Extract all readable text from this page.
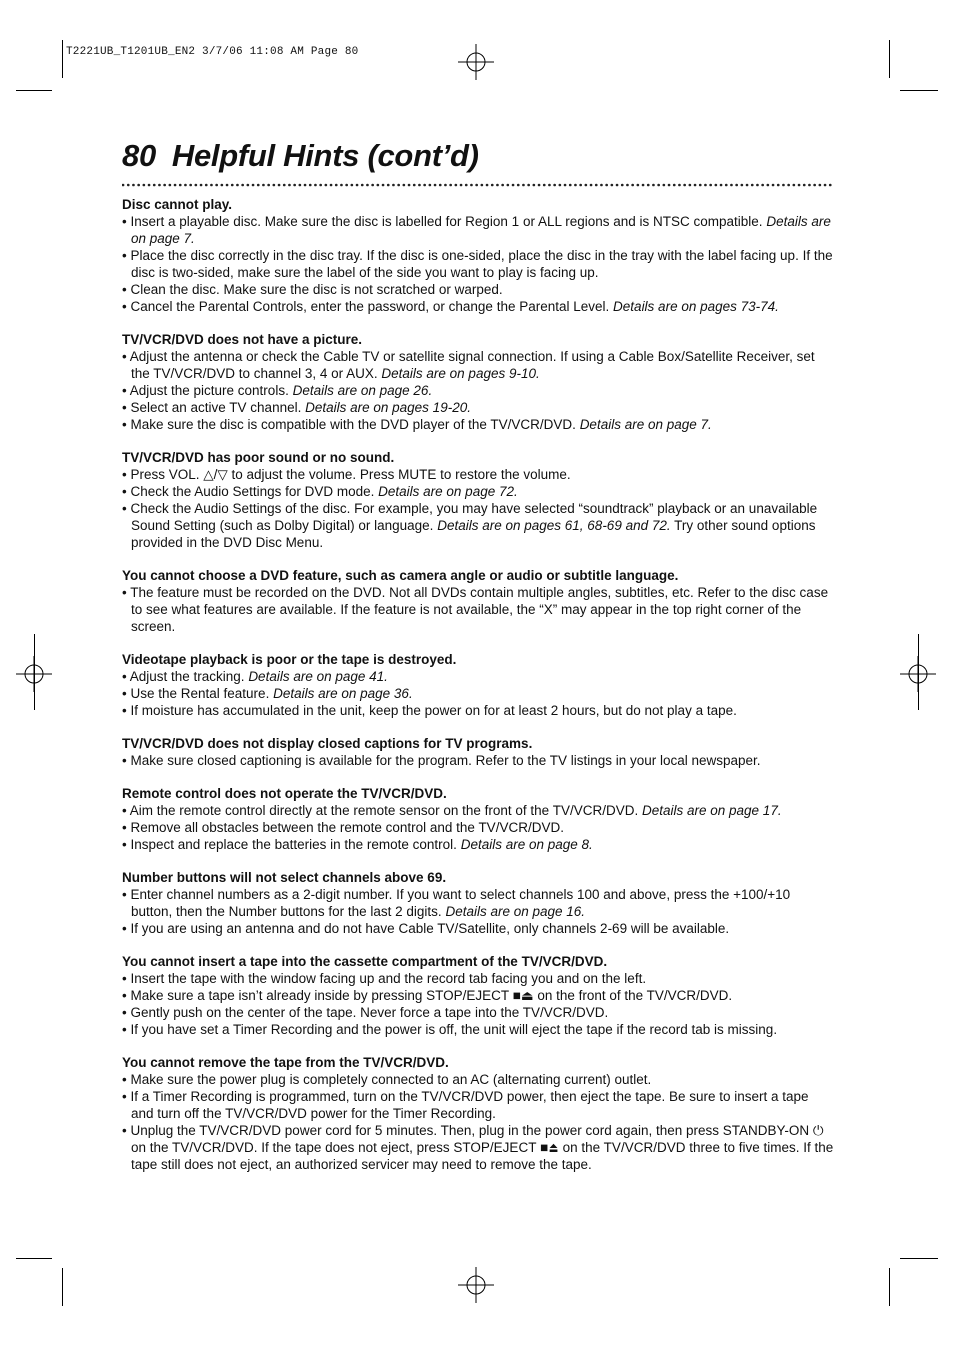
T2221UB_T1201UB_EN2 3/7/06 11:08 AM Page 80
80 Helpful Hints (cont’d)
Disc cannot play.
• Insert a playable disc. Make sure the disc is labelled for Region 1 or ALL regions and is NTSC compatible. Details are on page 7.
• Place the disc correctly in the disc tray. If the disc is one-sided, place the disc in the tray with the label facing up. If the disc is two-sided, make sure the label of the side you want to play is facing up.
• Clean the disc. Make sure the disc is not scratched or warped.
• Cancel the Parental Controls, enter the password, or change the Parental Level. Details are on pages 73-74.
TV/VCR/DVD does not have a picture.
• Adjust the antenna or check the Cable TV or satellite signal connection. If using a Cable Box/Satellite Receiver, set the TV/VCR/DVD to channel 3, 4 or AUX. Details are on pages 9-10.
• Adjust the picture controls. Details are on page 26.
• Select an active TV channel. Details are on pages 19-20.
• Make sure the disc is compatible with the DVD player of the TV/VCR/DVD. Details are on page 7.
TV/VCR/DVD has poor sound or no sound.
• Press VOL. △/▽ to adjust the volume. Press MUTE to restore the volume.
• Check the Audio Settings for DVD mode. Details are on page 72.
• Check the Audio Settings of the disc. For example, you may have selected “soundtrack” playback or an unavailable Sound Setting (such as Dolby Digital) or language. Details are on pages 61, 68-69 and 72. Try other sound options provided in the DVD Disc Menu.
You cannot choose a DVD feature, such as camera angle or audio or subtitle language.
• The feature must be recorded on the DVD. Not all DVDs contain multiple angles, subtitles, etc. Refer to the disc case to see what features are available. If the feature is not available, the “X” may appear in the top right corner of the screen.
Videotape playback is poor or the tape is destroyed.
• Adjust the tracking. Details are on page 41.
• Use the Rental feature. Details are on page 36.
• If moisture has accumulated in the unit, keep the power on for at least 2 hours, but do not play a tape.
TV/VCR/DVD does not display closed captions for TV programs.
• Make sure closed captioning is available for the program. Refer to the TV listings in your local newspaper.
Remote control does not operate the TV/VCR/DVD.
• Aim the remote control directly at the remote sensor on the front of the TV/VCR/DVD. Details are on page 17.
• Remove all obstacles between the remote control and the TV/VCR/DVD.
• Inspect and replace the batteries in the remote control. Details are on page 8.
Number buttons will not select channels above 69.
• Enter channel numbers as a 2-digit number. If you want to select channels 100 and above, press the +100/+10 button, then the Number buttons for the last 2 digits. Details are on page 16.
• If you are using an antenna and do not have Cable TV/Satellite, only channels 2-69 will be available.
You cannot insert a tape into the cassette compartment of the TV/VCR/DVD.
• Insert the tape with the window facing up and the record tab facing you and on the left.
• Make sure a tape isn’t already inside by pressing STOP/EJECT ■⏏ on the front of the TV/VCR/DVD.
• Gently push on the center of the tape. Never force a tape into the TV/VCR/DVD.
• If you have set a Timer Recording and the power is off, the unit will eject the tape if the record tab is missing.
You cannot remove the tape from the TV/VCR/DVD.
• Make sure the power plug is completely connected to an AC (alternating current) outlet.
• If a Timer Recording is programmed, turn on the TV/VCR/DVD power, then eject the tape. Be sure to insert a tape and turn off the TV/VCR/DVD power for the Timer Recording.
• Unplug the TV/VCR/DVD power cord for 5 minutes. Then, plug in the power cord again, then press STANDBY-ON ⏻ on the TV/VCR/DVD. If the tape does not eject, press STOP/EJECT ■⏏ on the TV/VCR/DVD three to five times. If the tape still does not eject, an authorized servicer may need to remove the tape.
